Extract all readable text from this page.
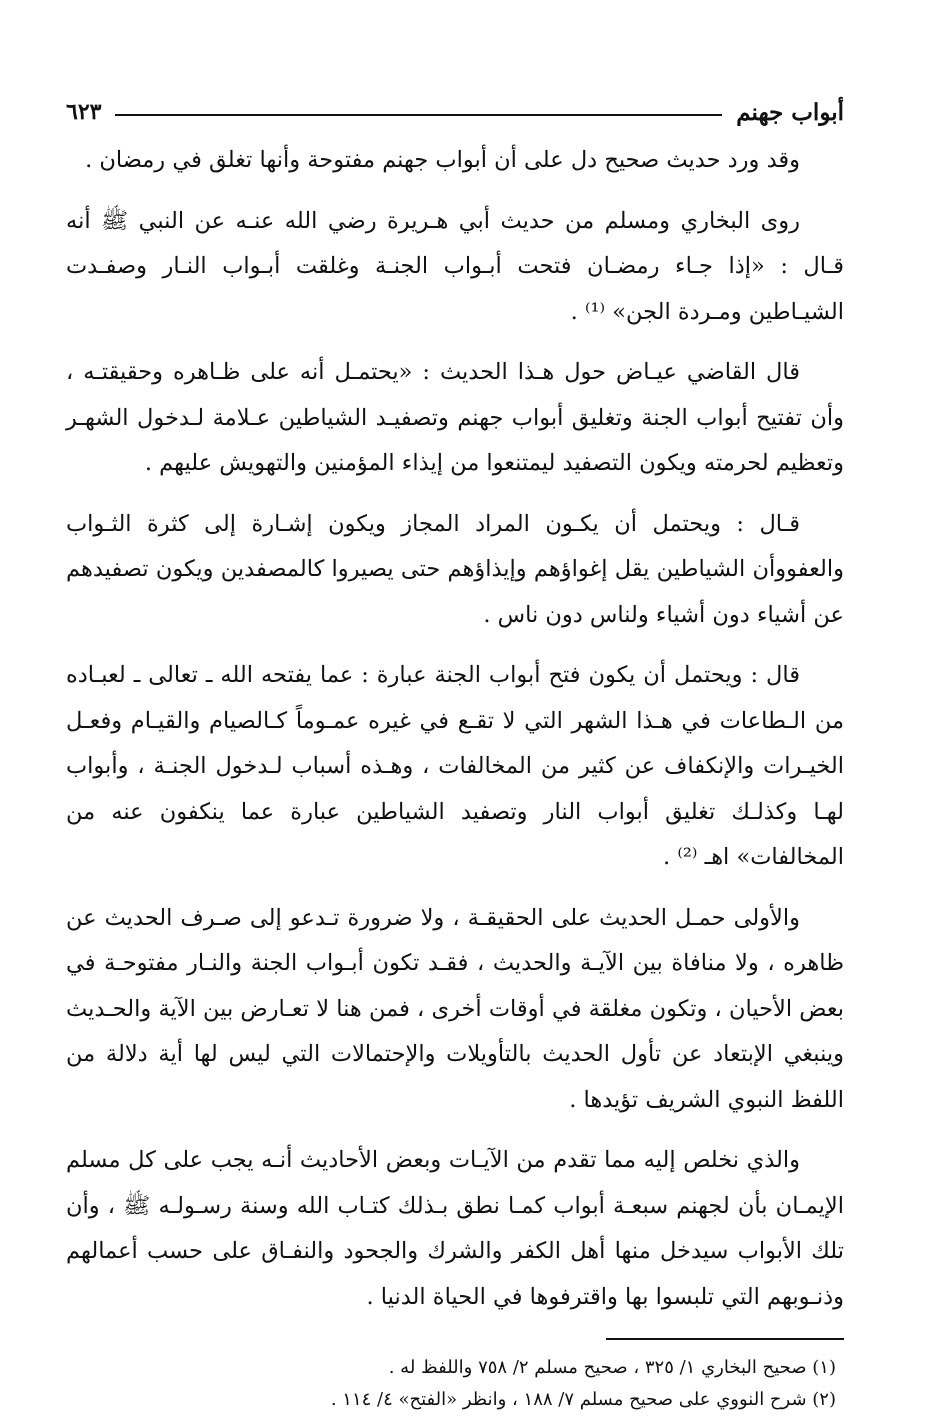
أبواب جهنم
٦٢٣

وقد ورد حديث صحيح دل على أن أبواب جهنم مفتوحة وأنها تغلق في رمضان .

روى البخاري ومسلم من حديث أبي هـريرة رضي الله عنـه عن النبي ﷺ أنه قـال : «إذا جـاء رمضـان فتحت أبـواب الجنـة وغلقت أبـواب النـار وصفـدت الشيـاطين ومـردة الجن» ⁽¹⁾ .

قال القاضي عيـاض حول هـذا الحديث : «يحتمـل أنه على ظـاهره وحقيقتـه ، وأن تفتيح أبواب الجنة وتغليق أبواب جهنم وتصفيـد الشياطين عـلامة لـدخول الشهـر وتعظيم لحرمته ويكون التصفيد ليمتنعوا من إيذاء المؤمنين والتهويش عليهم .

قـال : ويحتمل أن يكـون المراد المجاز ويكون إشـارة إلى كثرة الثـواب والعفووأن الشياطين يقل إغواؤهم وإيذاؤهم حتى يصيروا كالمصفدين ويكون تصفيدهم عن أشياء دون أشياء ولناس دون ناس .

قال : ويحتمل أن يكون فتح أبواب الجنة عبارة : عما يفتحه الله ـ تعالى ـ لعبـاده من الـطاعات في هـذا الشهر التي لا تقـع في غيره عمـوماً كـالصيام والقيـام وفعـل الخيـرات والإنكفاف عن كثير من المخالفات ، وهـذه أسباب لـدخول الجنـة ، وأبواب لهـا وكذلـك تغليق أبواب النار وتصفيد الشياطين عبارة عما ينكفون عنه من المخالفات» اهـ ⁽²⁾ .

والأولى حمـل الحديث على الحقيقـة ، ولا ضرورة تـدعو إلى صـرف الحديث عن ظاهره ، ولا منافاة بين الآيـة والحديث ، فقـد تكون أبـواب الجنة والنـار مفتوحـة في بعض الأحيان ، وتكون مغلقة في أوقات أخرى ، فمن هنا لا تعـارض بين الآية والحـديث وينبغي الإبتعاد عن تأول الحديث بالتأويلات والإحتمالات التي ليس لها أية دلالة من اللفظ النبوي الشريف تؤيدها .

والذي نخلص إليه مما تقدم من الآيـات وبعض الأحاديث أنـه يجب على كل مسلم الإيمـان بأن لجهنم سبعـة أبواب كمـا نطق بـذلك كتـاب الله وسنة رسـولـه ﷺ ، وأن تلك الأبواب سيدخل منها أهل الكفر والشرك والجحود والنفـاق على حسب أعمالهم وذنـوبهم التي تلبسوا بها واقترفوها في الحياة الدنيا .

(١) صحيح البخاري ١/ ٣٢٥ ، صحيح مسلم ٢/ ٧٥٨ واللفظ له .

(٢) شرح النووي على صحيح مسلم ٧/ ١٨٨ ، وانظر «الفتح» ٤/ ١١٤ .
